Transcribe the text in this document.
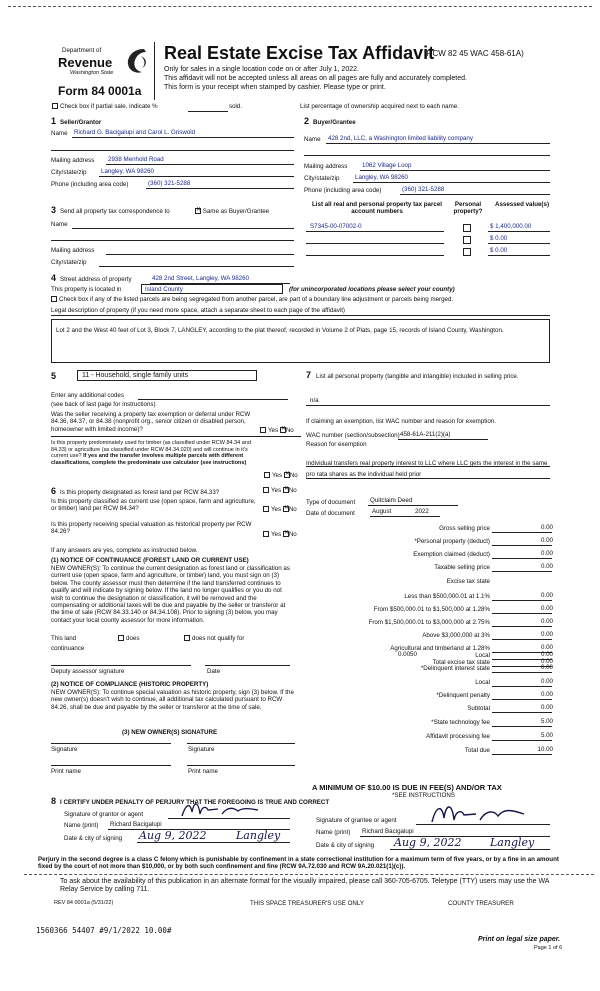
Department of
Revenue
Washington State
Form 84 0001a
Real Estate Excise Tax Affidavit
(RCW 82 45 WAC 458-61A)
Only for sales in a single location code on or after July 1, 2022.
This affidavit will not be accepted unless all areas on all pages are fully and accurately completed.
This form is your receipt when stamped by cashier. Please type or print.
Check box if partial sale, indicate %	sold.	List percentage of ownership acquired next to each name.
1 Seller/Grantor
Name Richard G. Bacigalupi and Carol L. Griswold
Mailing address 2938 Menhold Road
City/state/zip Langley, WA 98260
Phone (including area code)	(360) 321-5288
2 Buyer/Grantee
Name 428 2nd, LLC, a Washington limited liability company
Mailing address 1062 Village Loop
City/state/zip	Langley, WA 98260
Phone (including area code)	(360) 321-5288
3 Send all property tax correspondence to ✕	Same as Buyer/Grantee
Name
Mailing address
City/state/zip
List all real and personal property tax parcel account numbers
Personal property?
Assessed value(s)
S7345-00-07002-0	$ 1,400,000.00
$ 0.00
$ 0.00
4 Street address of property	428 2nd Street, Langley, WA 98260
This property is located in	Island County	(for unincorporated locations please select your county)
Check box if any of the listed parcels are being segregated from another parcel, are part of a boundary line adjustment or parcels being merged.
Legal description of property (if you need more space, attach a separate sheet to each page of the affidavit)
Lot 2 and the West 40 feet of Lot 3, Block 7, LANGLEY, according to the plat thereof, recorded in Volume 2 of Plats, page 15, records of Island County, Washington.
5	11 - Household, single family units
Enter any additional codes
(see back of last page for instructions)
Was the seller receiving a property tax exemption or deferral under RCW 84.36, 84.37, or 84.38 (nonprofit org., senior citizen or disabled person, homeowner with limited income)?	Yes ✕ No
Is this property predominately used for timber (as classified under RCW 84.34 and 84.33) or agriculture (as classified under RCW 84.34.020) and will continue in it's current use? If yes and the transfer involves multiple parcels with different classifications, complete the predominate use calculator (see instructions)
Yes ✕ No
6 Is this property designated as forest land per RCW 84.33?	Yes ✕ No
Is this property classified as current use (open space, farm and agriculture, or timber) land per RCW 84.34?	Yes ✕ No
Is this property receiving special valuation as historical property per RCW 84.26?	Yes ✕ No
If any answers are yes, complete as instructed below.
(1) NOTICE OF CONTINUANCE (FOREST LAND OR CURRENT USE)
NEW OWNER(S): To continue the current designation as forest land or classification as current use (open space, farm and agriculture, or timber) land, you must sign on (3) below. The county assessor must then determine if the land transferred continues to qualify and will indicate by signing below. If the land no longer qualifies or you do not wish to continue the designation or classification, it will be removed and the compensating or additional taxes will be due and payable by the seller or transferor at the time of sale (RCW 84.33.140 or 84.34.108). Prior to signing (3) below, you may contact your local county assessor for more information.
This land	does	does not qualify for
continuance
Deputy assessor signature	Date
(2) NOTICE OF COMPLIANCE (HISTORIC PROPERTY)
NEW OWNER(S): To continue special valuation as historic property, sign (3) below. If the new owner(s) doesn't wish to continue, all additional tax calculated pursuant to RCW 84.26, shall be due and payable by the seller or transferor at the time of sale.
(3) NEW OWNER(S) SIGNATURE
Signature	Signature
Print name	Print name
7 List all personal property (tangible and intangible) included in selling price.
n/a
If claiming an exemption, list WAC number and reason for exemption.
WAC number (section/subsection) 458-61A-211(2)(a)
Reason for exemption
Individual transfers real property interest to LLC where LLC gets the interest in the same pro rata shares as the individual held prior
Type of document Quitclaim Deed
Date of document	August	2022
Gross selling price	0.00
*Personal property (deduct)	0.00
Exemption claimed (deduct)	0.00
Taxable selling price	0.00
Excise tax state
Less than $500,000.01 at 1.1%	0.00
From $500,000.01 to $1,500,000 at 1.28%	0.00
From $1,500,000.01 to $3,000,000 at 2.75%	0.00
Above $3,000,000 at 3%	0.00
Agricultural and timberland at 1.28%	0.00
Total excise tax state	0.00
Local	0.00
*Delinquent interest state	0.00
Local	0.00
*Delinquent penalty	0.00
Subtotal	0.00
*State technology fee	5.00
Affidavit processing fee	5.00
Total due	10.00
0.0050
A MINIMUM OF $10.00 IS DUE IN FEE(S) AND/OR TAX
*SEE INSTRUCTIONS
8 I CERTIFY UNDER PENALTY OF PERJURY THAT THE FOREGOING IS TRUE AND CORRECT
Signature of grantor or agent
Name (print) Richard Bacigalupi
Date & city of signing Aug 9, 2022	Langley
Signature of grantee or agent
Name (print) Richard Bacigalupi
Date & city of signing Aug 9, 2022	Langley
Perjury in the second degree is a class C felony which is punishable by confinement in a state correctional institution for a maximum term of five years, or by a fine in an amount fixed by the court of not more than $10,000, or by both such confinement and fine (RCW 9A.72.030 and RCW 9A.20.021(1)(c)).
To ask about the availability of this publication in an alternate format for the visually impaired, please call 360-705-6705. Teletype (TTY) users may use the WA Relay Service by calling 711.
REV 84 0001a (5/31/22)	THIS SPACE TREASURER'S USE ONLY	COUNTY TREASURER
1560366 54407 #9/1/2022 10.00#
Print on legal size paper.
Page 1 of 6
